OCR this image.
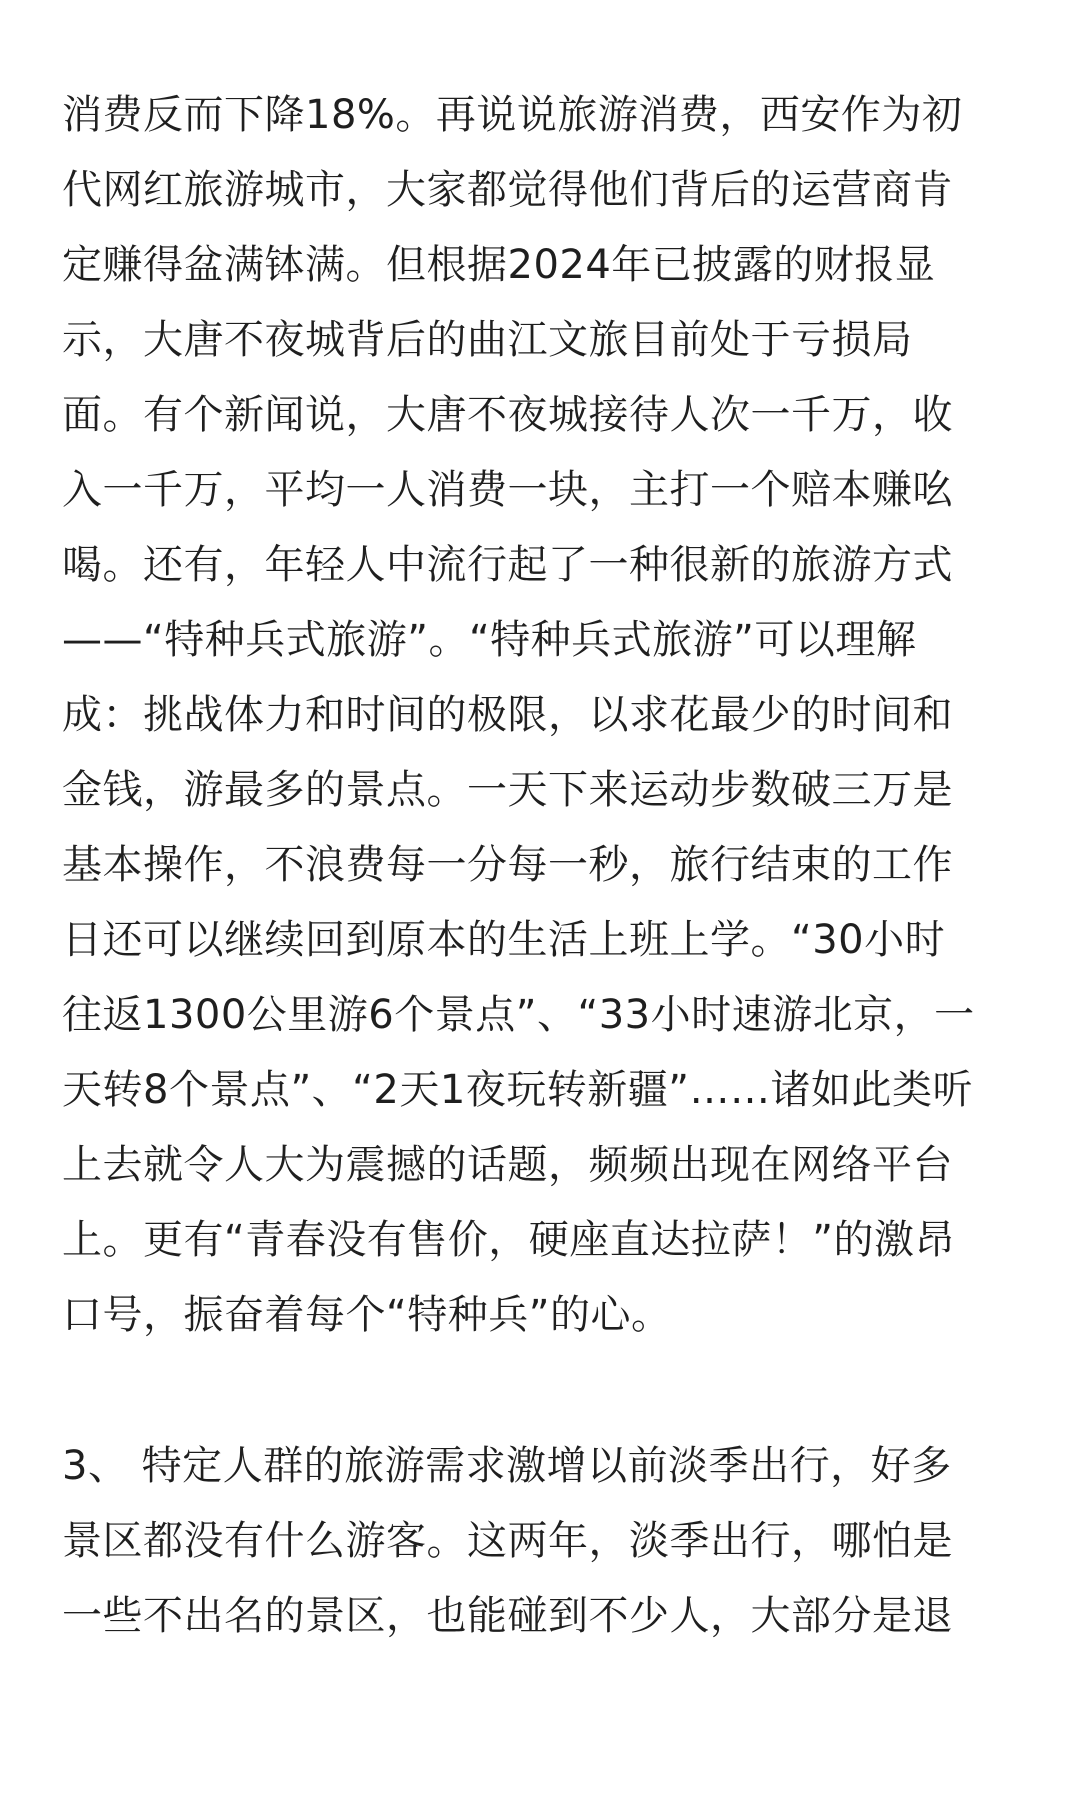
消费反而下降18%。再说说旅游消费，西安作为初
代网红旅游城市，大家都觉得他们背后的运营商肯
定赚得盆满钵满。但根据2024年已披露的财报显
示，大唐不夜城背后的曲江文旅目前处于亏损局
面。有个新闻说，大唐不夜城接待人次一千万，收
入一千万，平均一人消费一块，主打一个赔本赚吆
喝。还有，年轻人中流行起了一种很新的旅游方式
——“特种兵式旅游”。“特种兵式旅游”可以理解
成：挑战体力和时间的极限，以求花最少的时间和
金钱，游最多的景点。一天下来运动步数破三万是
基本操作，不浪费每一分每一秒，旅行结束的工作
日还可以继续回到原本的生活上班上学。“30小时
往返1300公里游6个景点”、“33小时速游北京，一
天转8个景点”、“2天1夜玩转新疆”……诸如此类听
上去就令人大为震撼的话题，频频出现在网络平台
上。更有“青春没有售价，硬座直达拉萨！”的激昂
口号，振奋着每个“特种兵”的心。
3、 特定人群的旅游需求激增以前淡季出行，好多
景区都没有什么游客。这两年，淡季出行，哪怕是
一些不出名的景区，也能碰到不少人，大部分是退
